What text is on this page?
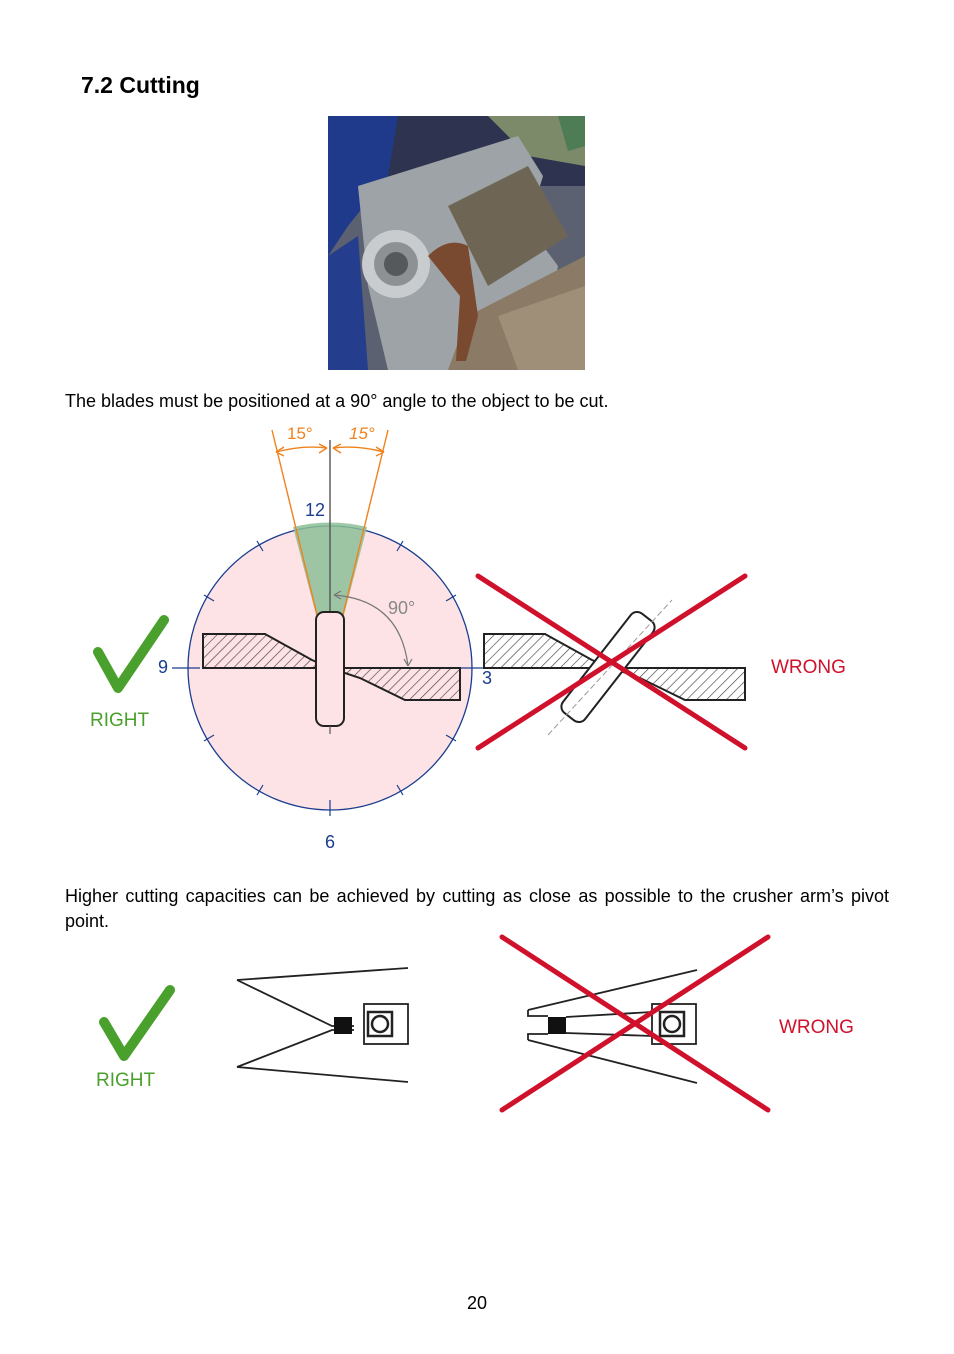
7.2 Cutting

The blades must be positioned at a 90° angle to the object to be cut.

15° 15°

90°

12

3

6

9

RIGHT

WRONG

Higher cutting capacities can be achieved by cutting as close as possible to the crusher arm’s pivot point.

RIGHT

WRONG

20
